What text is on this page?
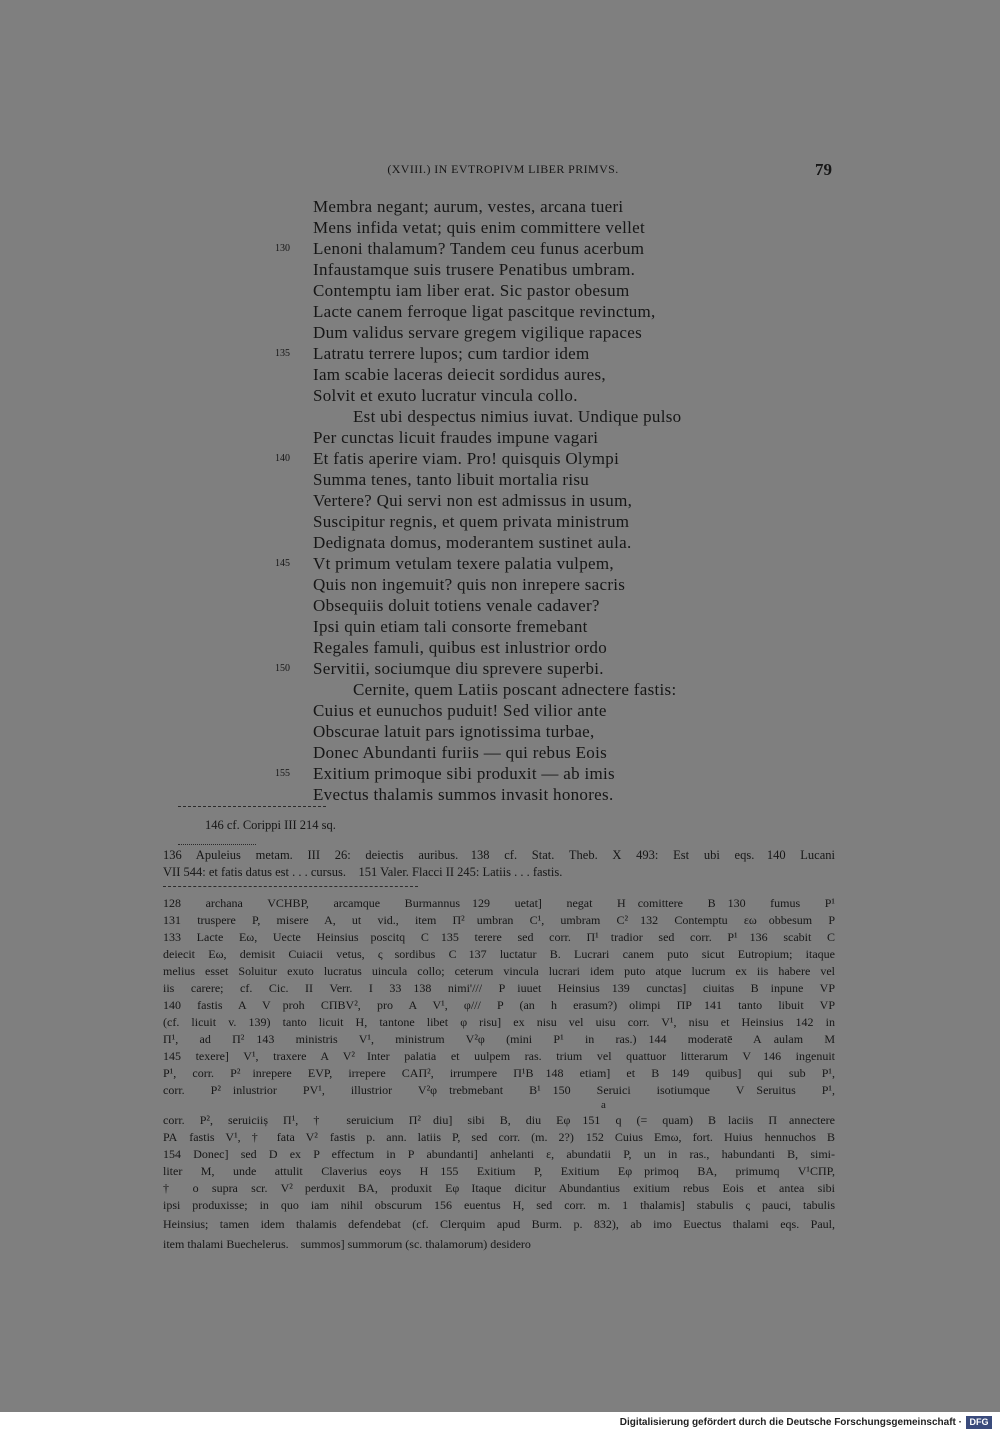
(XVIII.) IN EVTROPIVM LIBER PRIMVS.	79
Membra negant; aurum, vestes, arcana tueri
Mens infida vetat; quis enim committere vellet
130 Lenoni thalamum? Tandem ceu funus acerbum
Infaustamque suis trusere Penatibus umbram.
Contemptu iam liber erat. Sic pastor obesum
Lacte canem ferroque ligat pascitque revinctum,
Dum validus servare gregem vigilique rapaces
135 Latratu terrere lupos; cum tardior idem
Iam scabie laceras deiecit sordidus aures,
Solvit et exuto lucratur vincula collo.
Est ubi despectus nimius iuvat. Undique pulso
Per cunctas licuit fraudes impune vagari
140 Et fatis aperire viam. Pro! quisquis Olympi
Summa tenes, tanto libuit mortalia risu
Vertere? Qui servi non est admissus in usum,
Suscipitur regnis, et quem privata ministrum
Dedignata domus, moderantem sustinet aula.
145 Vt primum vetulam texere palatia vulpem,
Quis non ingemuit? quis non inrepere sacris
Obsequiis doluit totiens venale cadaver?
Ipsi quin etiam tali consorte fremebant
Regales famuli, quibus est inlustrior ordo
150 Servitii, sociumque diu sprevere superbi.
Cernite, quem Latiis poscant adnectere fastis:
Cuius et eunuchos puduit! Sed vilior ante
Obscurae latuit pars ignotissima turbae,
Donec Abundanti furiis — qui rebus Eois
155 Exitium primoque sibi produxit — ab imis
Evectus thalamis summos invasit honores.
146 cf. Corippi III 214 sq.
136 Apuleius metam. III 26: deiectis auribus. 138 cf. Stat. Theb. X 493: Est ubi eqs. 140 Lucani
VII 544: et fatis datus est . . . cursus. 151 Valer. Flacci II 245: Latiis . . . fastis.
128 archana VCHBP, arcamque Burmannus 129 uetat] negat H comittere B 130 fumus P¹
131 truspere P, misere A, ut vid., item Π² umbran C¹, umbram C² 132 Contemptu εω obbesum P
133 Lacte Eω, Uecte Heinsius poscitq C 135 terere sed corr. Π¹ tradior sed corr. P¹ 136 scabit C
deiecit Eω, demisit Cuiacii vetus, ς sordibus C 137 luctatur B. Lucrari canem puto sicut Eutropium; itaque
melius esset Soluitur exuto lucratus uincula collo; ceterum vincula lucrari idem puto atque lucrum ex iis habere vel
iis carere; cf. Cic. II Verr. I 33 138 nimi'/// P iuuet Heinsius 139 cunctas] ciuitas B inpune VP
140 fastis A V proh CΠBV², pro A V¹, φ/// P (an h erasum?) olimpi ΠP 141 tanto libuit VP
(cf. licuit v. 139) tanto licuit H, tantone libet φ risu] ex nisu vel uisu corr. V¹, nisu et Heinsius 142 in
Π¹, ad Π² 143 ministris V¹, ministrum V²φ (mini P¹ in ras.) 144 moderatē A aulam M
145 texere] V¹, traxere A V² Inter palatia et uulpem ras. trium vel quattuor litterarum V 146 ingenuit
P¹, corr. P² inrepere EVP, irrepere CAΠ², irrumpere Π¹B 148 etiam] et B 149 quibus] qui sub P¹,
corr. P² inlustrior PV¹, illustrior V²φ trebmebant B¹ 150 Seruici isotiumque V Seruitus P¹,
a
corr. P², seruiciiș Π¹, † seruicium Π² diu] sibi B, diu Eφ 151 q (= quam) B laciis Π annectere
PA fastis V¹, † fata V² fastis p. ann. latiis P, sed corr. (m. 2?) 152 Cuius Emω, fort. Huius hennuchos B
154 Donec] sed D ex P effectum in P abundanti] anhelanti ε, abundatii P, un in ras., habundanti B, simi-
liter M, unde attulit Claverius eoys H 155 Exitium P, Exitium Eφ primoq BA, primumq V¹CΠP,
† o supra scr. V² perduxit BA, produxit Eφ Itaque dicitur Abundantius exitium rebus Eois et antea sibi
ipsi produxisse; in quo iam nihil obscurum 156 euentus H, sed corr. m. 1 thalamis] stabulis ς pauci, tabulis
Heinsius; tamen idem thalamis defendebat (cf. Clerquim apud Burm. p. 832), ab imo Euectus thalami eqs. Paul,
item thalami Buechelerus. summos] summorum (sc. thalamorum) desidero
Digitalisierung gefördert durch die Deutsche Forschungsgemeinschaft · DFG
